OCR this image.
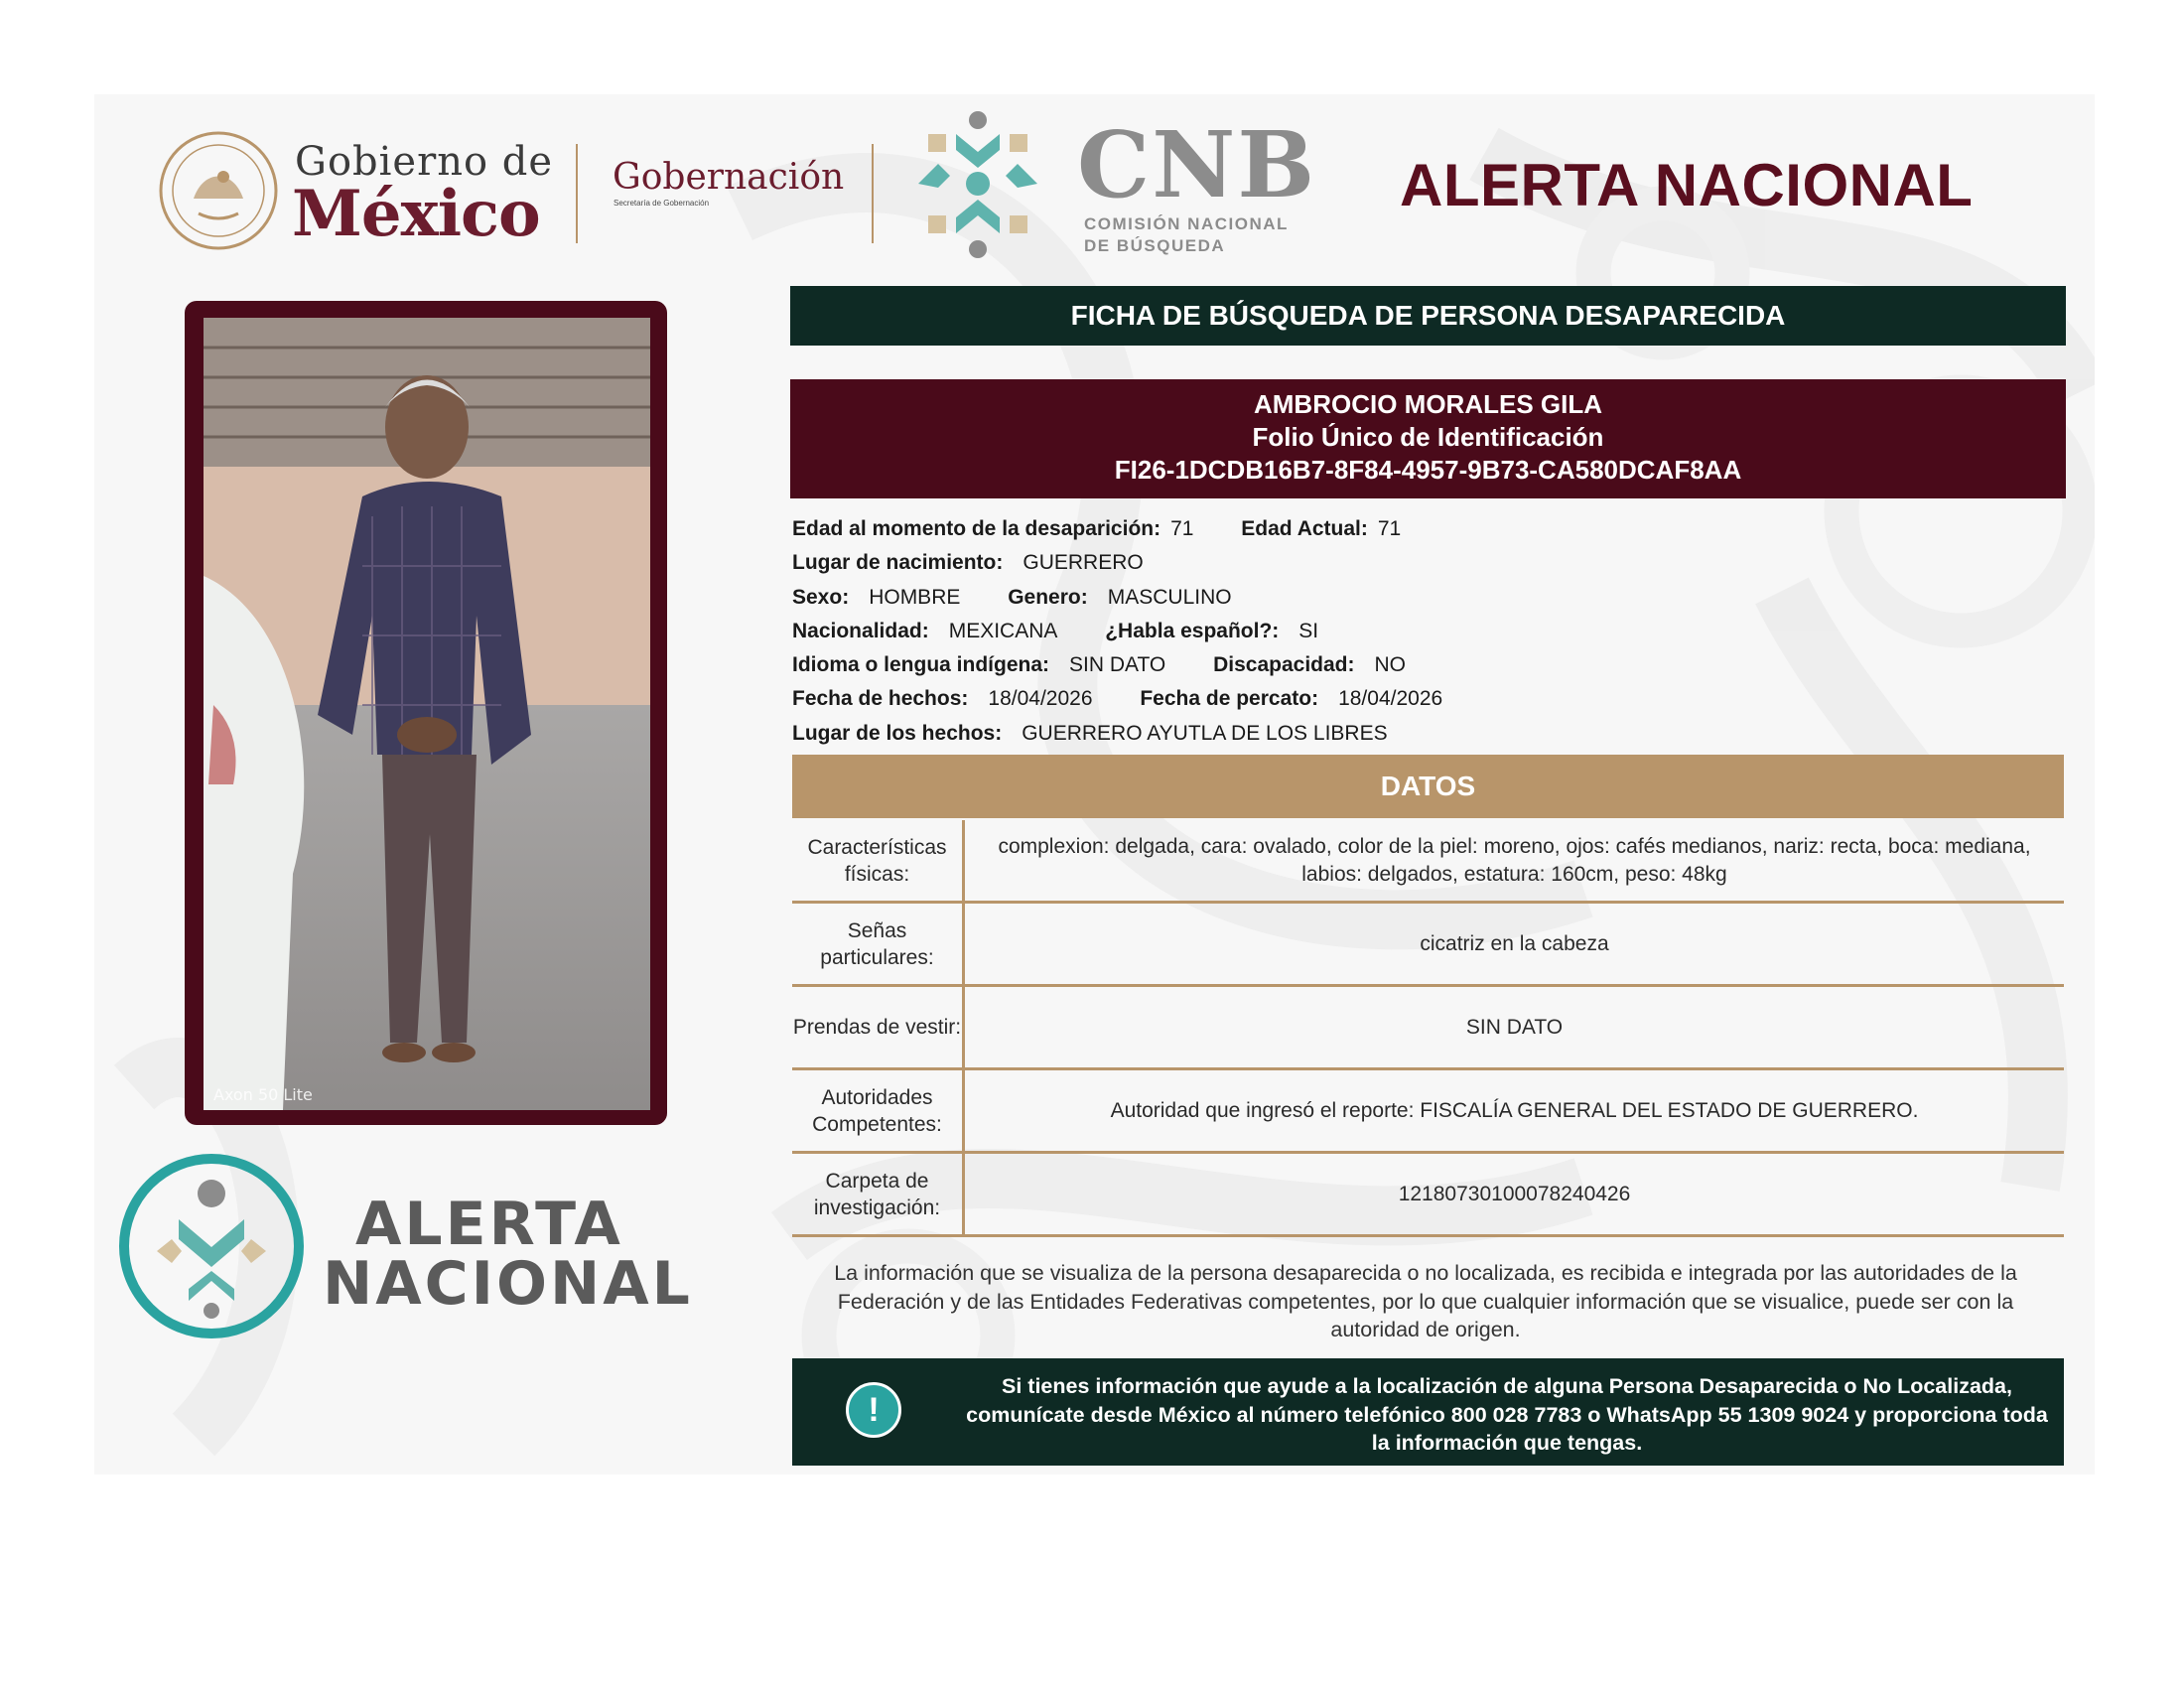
Gobierno de
México Gobernación
Secretaría de Gobernación	CNB
COMISIÓN NACIONAL
DE BÚSQUEDA
ALERTA NACIONAL
Axon 50 Lite
ALERTA
NACIONAL
FICHA DE BÚSQUEDA DE PERSONA DESAPARECIDA
AMBROCIO MORALES GILA
Folio Único de Identificación
FI26-1DCDB16B7-8F84-4957-9B73-CA580DCAF8AA
Edad al momento de la desaparición: 71 Edad Actual: 71
Lugar de nacimiento: GUERRERO
Sexo: HOMBRE Genero: MASCULINO
Nacionalidad: MEXICANA ¿Habla español?: SI
Idioma o lengua indígena: SIN DATO Discapacidad: NO
Fecha de hechos: 18/04/2026 Fecha de percato: 18/04/2026
Lugar de los hechos: GUERRERO AYUTLA DE LOS LIBRES
DATOS
Características físicas:
complexion: delgada, cara: ovalado, color de la piel: moreno, ojos: cafés medianos, nariz: recta, boca: mediana, labios: delgados, estatura: 160cm, peso: 48kg
Señas particulares:
cicatriz en la cabeza
Prendas de vestir:	SIN DATO
Autoridades Competentes:
Autoridad que ingresó el reporte: FISCALÍA GENERAL DEL ESTADO DE GUERRERO.
Carpeta de investigación:
12180730100078240426
La información que se visualiza de la persona desaparecida o no localizada, es recibida e integrada por las autoridades de la Federación y de las Entidades Federativas competentes, por lo que cualquier información que se visualice, puede ser con la autoridad de origen.
!
Si tienes información que ayude a la localización de alguna Persona Desaparecida o No Localizada, comunícate desde México al número telefónico 800 028 7783 o WhatsApp 55 1309 9024 y proporciona toda la información que tengas.
